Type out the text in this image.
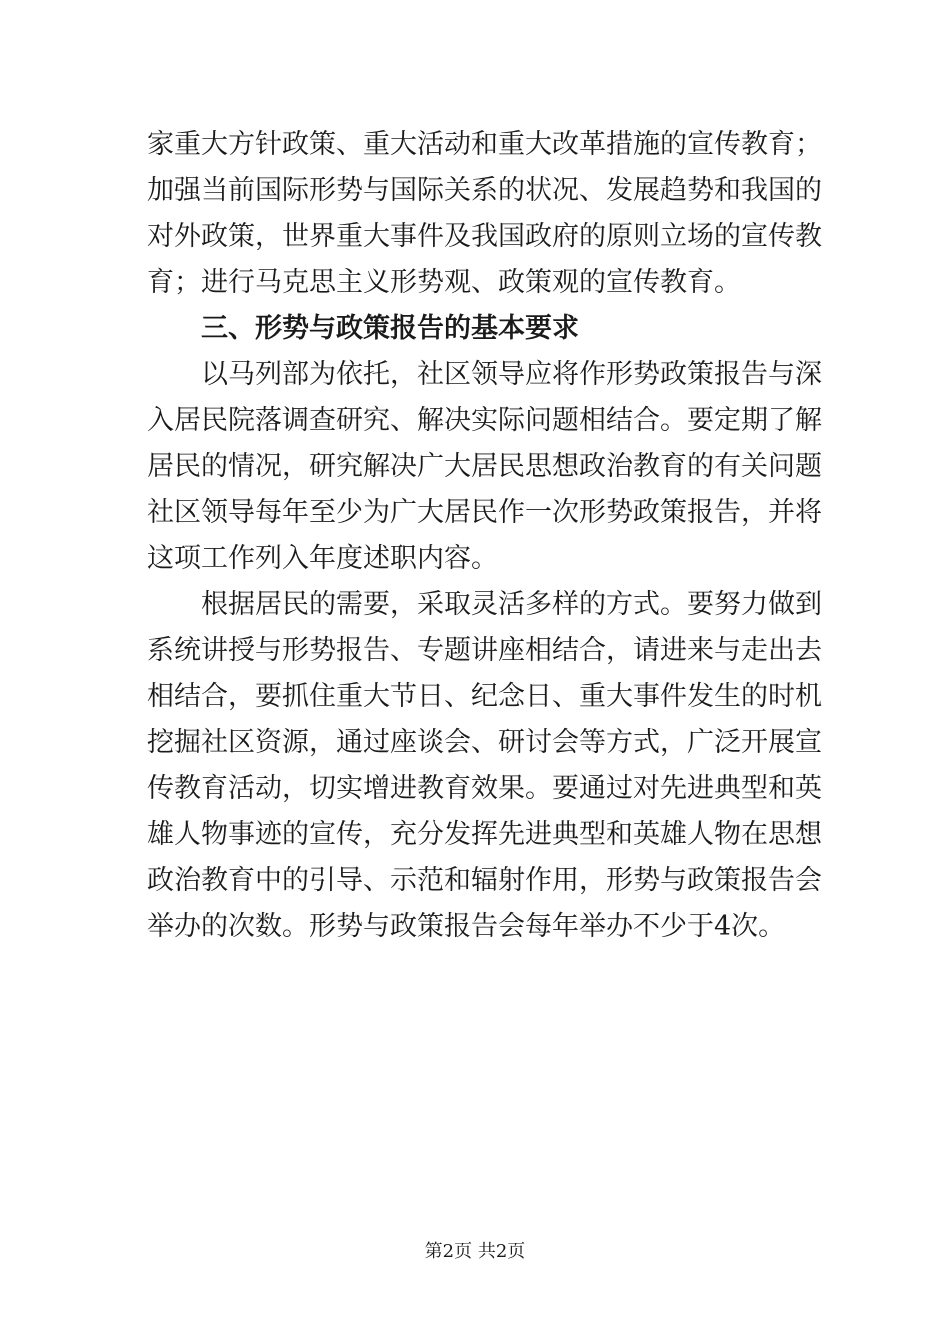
家重大方针政策、重大活动和重大改革措施的宣传教育；
加强当前国际形势与国际关系的状况、发展趋势和我国的
对外政策，世界重大事件及我国政府的原则立场的宣传教
育；进行马克思主义形势观、政策观的宣传教育。
三、形势与政策报告的基本要求
以马列部为依托，社区领导应将作形势政策报告与深
入居民院落调查研究、解决实际问题相结合。要定期了解
居民的情况，研究解决广大居民思想政治教育的有关问题
社区领导每年至少为广大居民作一次形势政策报告，并将
这项工作列入年度述职内容。
根据居民的需要，采取灵活多样的方式。要努力做到
系统讲授与形势报告、专题讲座相结合，请进来与走出去
相结合，要抓住重大节日、纪念日、重大事件发生的时机
挖掘社区资源，通过座谈会、研讨会等方式，广泛开展宣
传教育活动，切实增进教育效果。要通过对先进典型和英
雄人物事迹的宣传，充分发挥先进典型和英雄人物在思想
政治教育中的引导、示范和辐射作用，形势与政策报告会
举办的次数。形势与政策报告会每年举办不少于4次。
第2页 共2页
